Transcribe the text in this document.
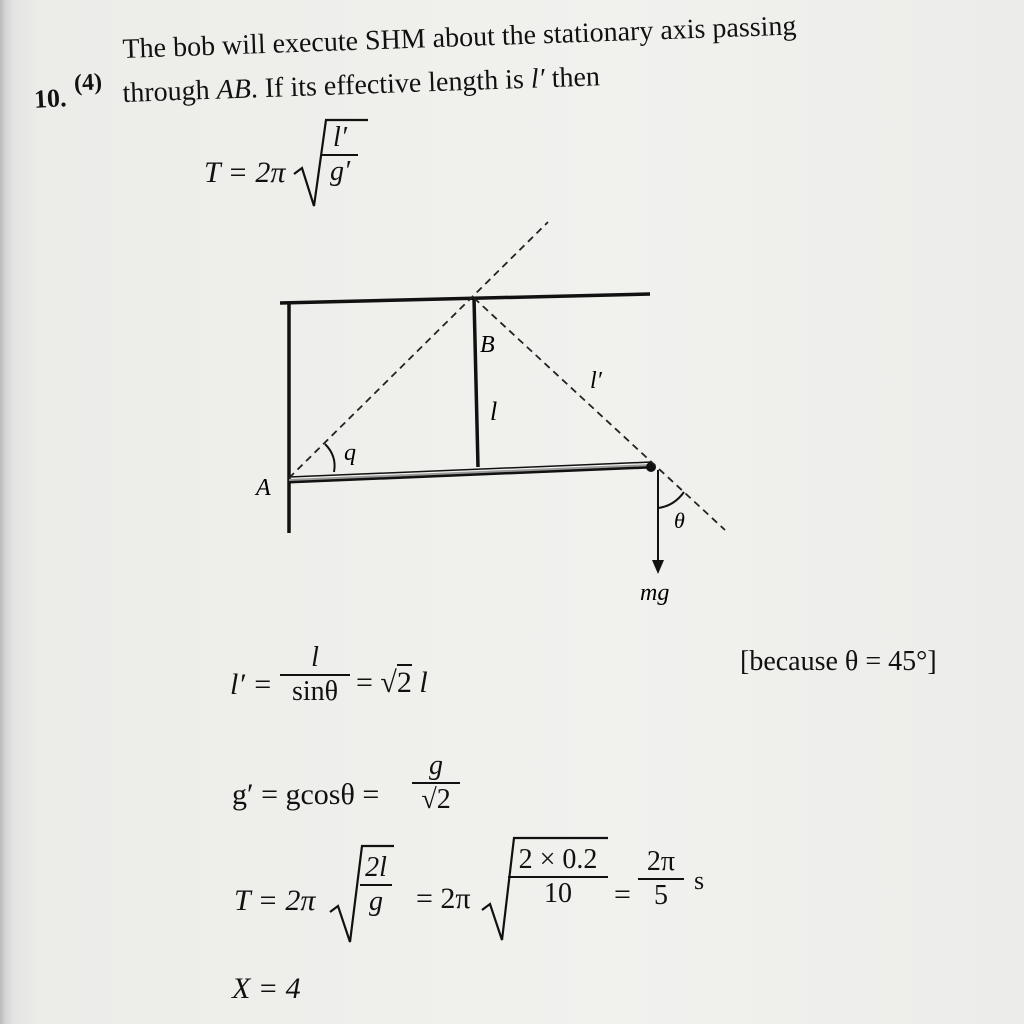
10.
(4)
The bob will execute SHM about the stationary axis passing
through AB. If its effective length is l′ then
T = 2π
l′
g′
A
B
l
l′
q
θ
mg
l′ =
l
sinθ = √2 l
[because θ = 45°]
g′ = gcosθ =
g
√2
T = 2π
2l
g = 2π
2 × 0.2
10 =
2π
5 s
X = 4
